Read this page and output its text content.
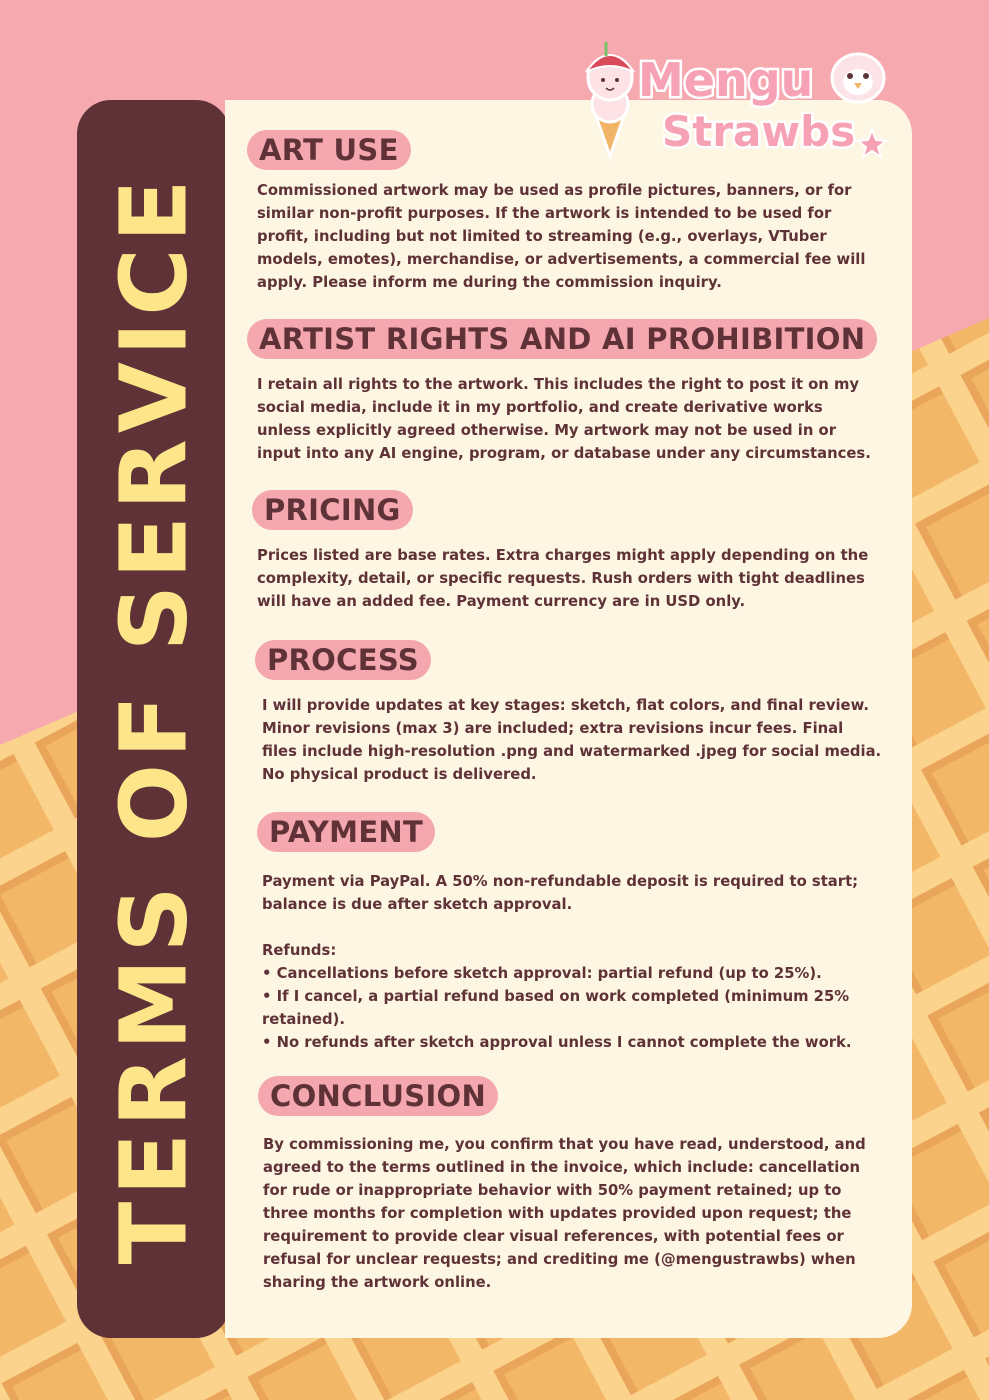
TERMS OF SERVICE
ART USE

Commissioned artwork may be used as profile pictures, banners, or for similar non-profit purposes. If the artwork is intended to be used for profit, including but not limited to streaming (e.g., overlays, VTuber models, emotes), merchandise, or advertisements, a commercial fee will apply. Please inform me during the commission inquiry.

ARTIST RIGHTS AND AI PROHIBITION

I retain all rights to the artwork. This includes the right to post it on my social media, include it in my portfolio, and create derivative works unless explicitly agreed otherwise. My artwork may not be used in or input into any AI engine, program, or database under any circumstances.

PRICING

Prices listed are base rates. Extra charges might apply depending on the complexity, detail, or specific requests. Rush orders with tight deadlines will have an added fee. Payment currency are in USD only.

PROCESS

I will provide updates at key stages: sketch, flat colors, and final review. Minor revisions (max 3) are included; extra revisions incur fees. Final files include high-resolution .png and watermarked .jpeg for social media. No physical product is delivered.

PAYMENT

Payment via PayPal. A 50% non-refundable deposit is required to start; balance is due after sketch approval.

Refunds:
• Cancellations before sketch approval: partial refund (up to 25%).
• If I cancel, a partial refund based on work completed (minimum 25% retained).
• No refunds after sketch approval unless I cannot complete the work.

CONCLUSION

By commissioning me, you confirm that you have read, understood, and agreed to the terms outlined in the invoice, which include: cancellation for rude or inappropriate behavior with 50% payment retained; up to three months for completion with updates provided upon request; the requirement to provide clear visual references, with potential fees or refusal for unclear requests; and crediting me (@mengustrawbs) when sharing the artwork online.

Mengu
Strawbs
